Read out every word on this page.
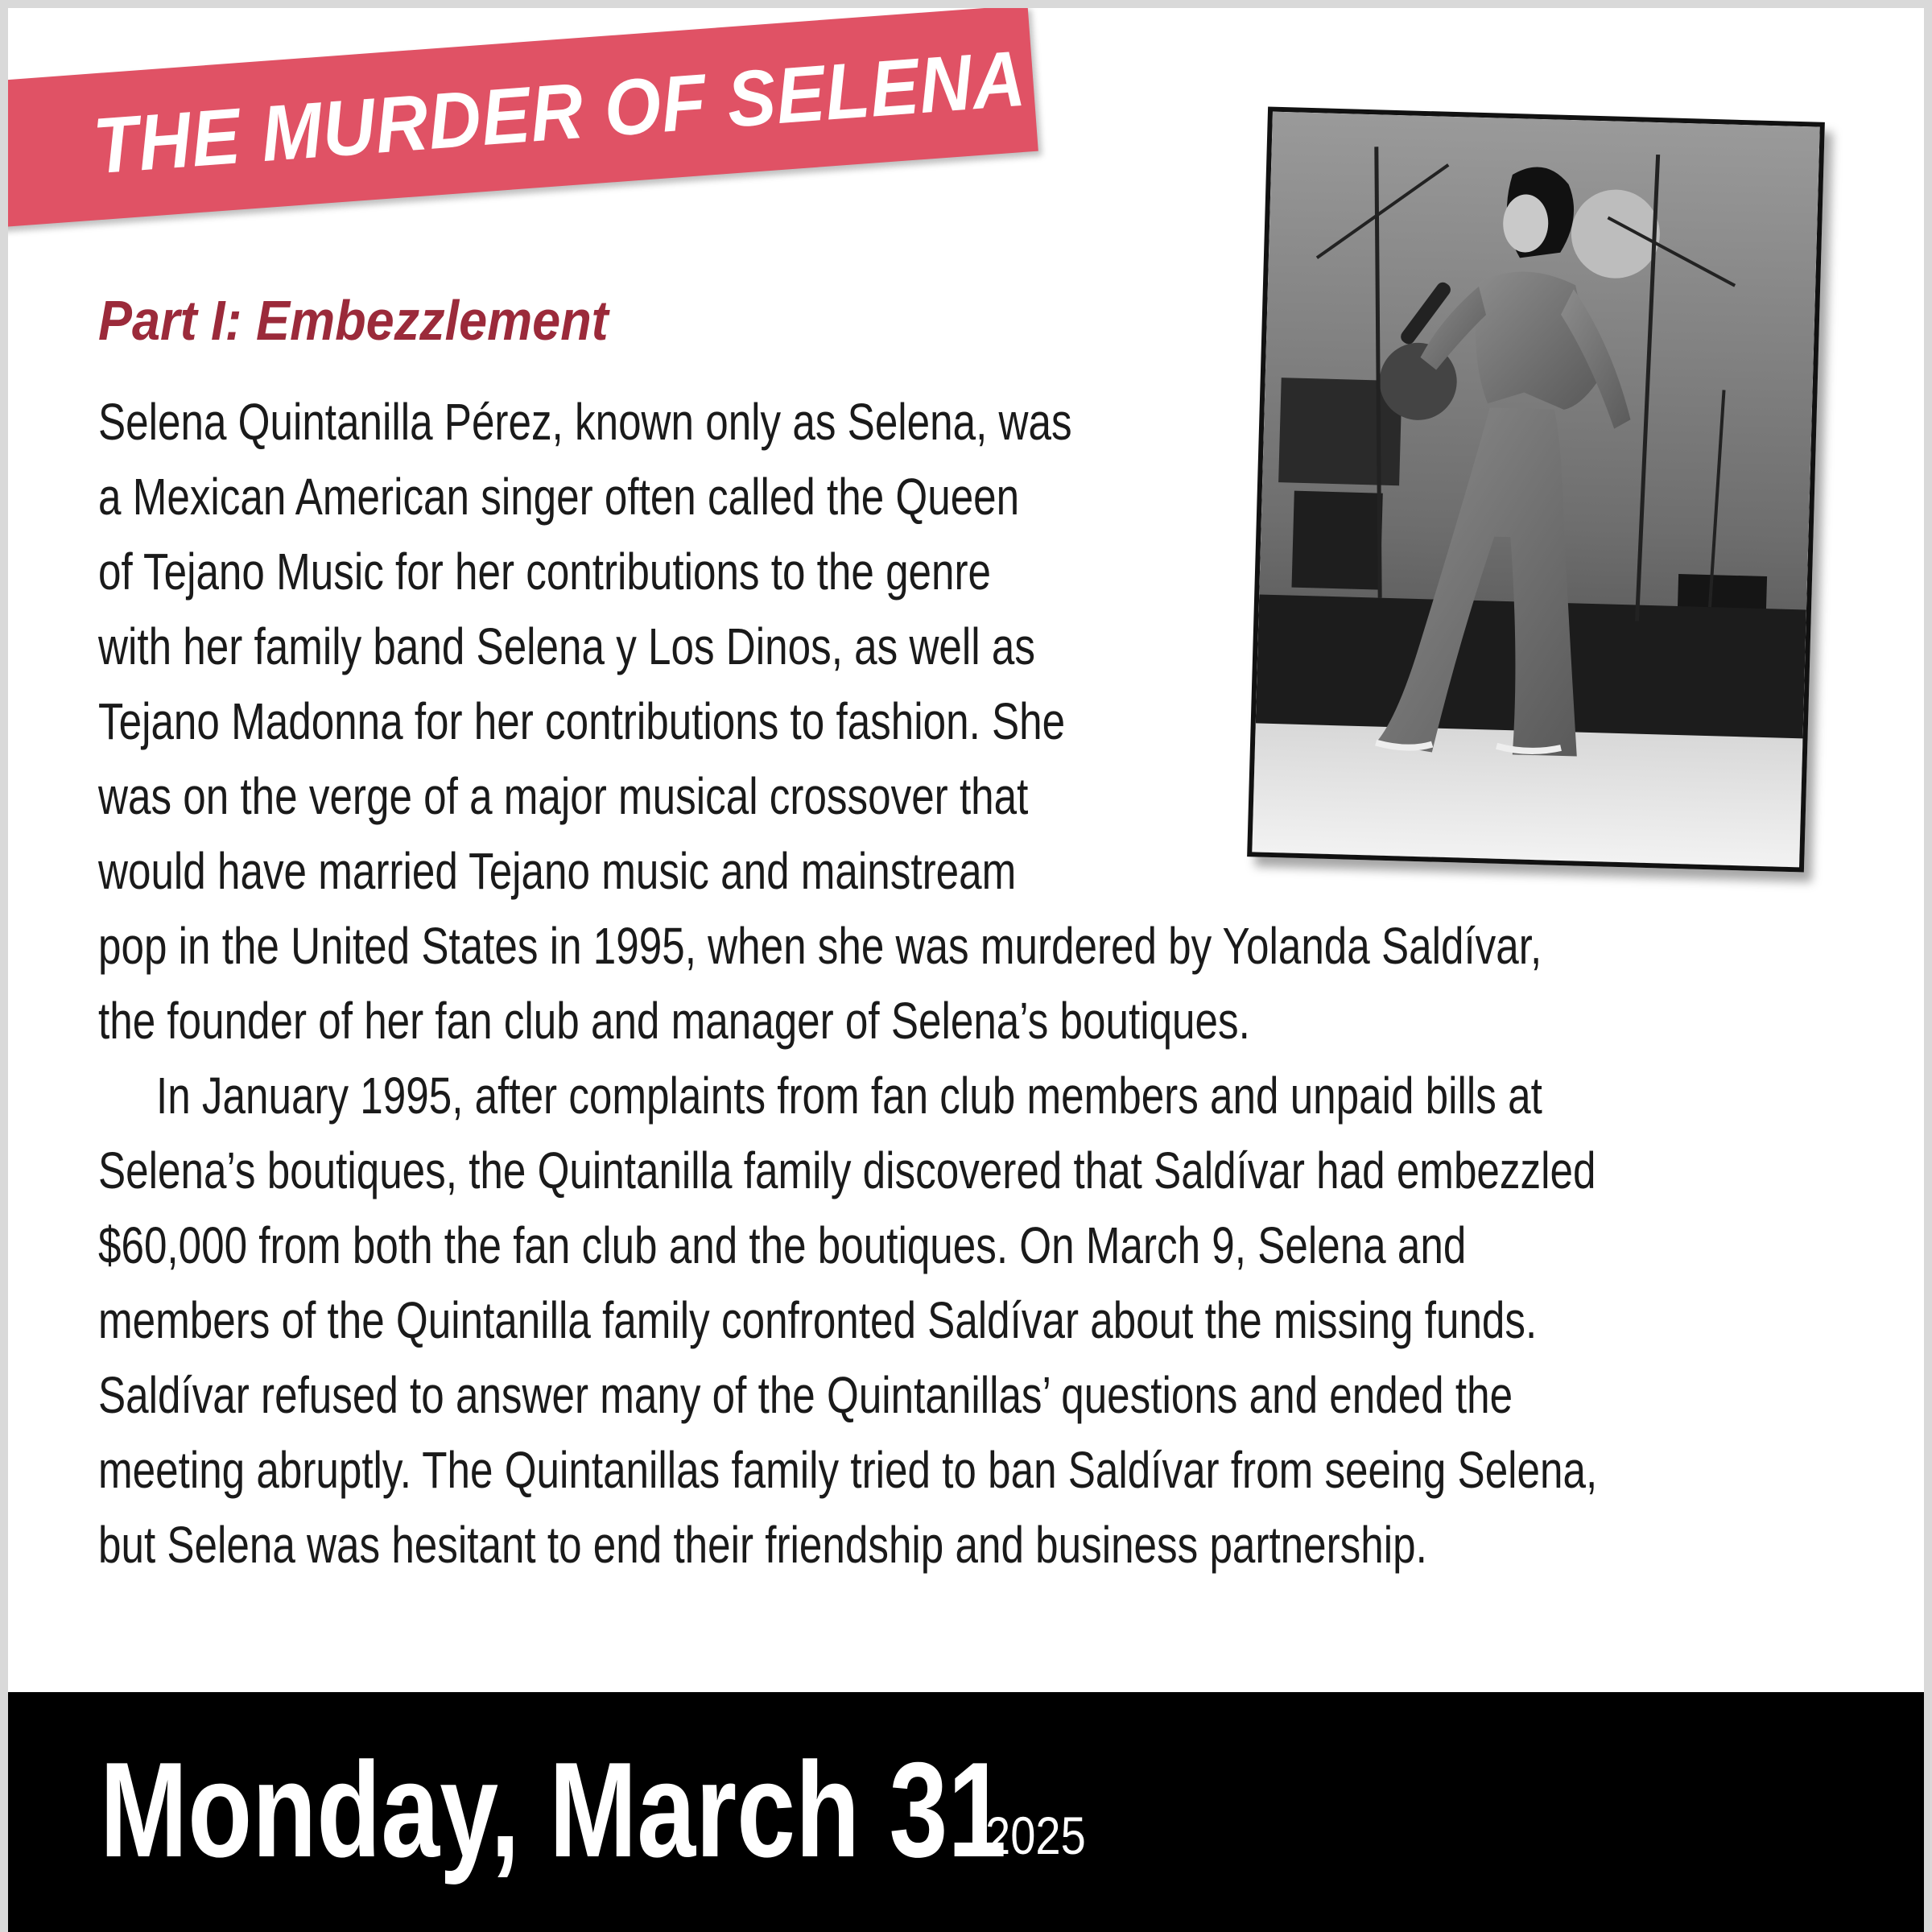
THE MURDER OF SELENA
Part I: Embezzlement
Selena Quintanilla Pérez, known only as Selena, was
a Mexican American singer often called the Queen
of Tejano Music for her contributions to the genre
with her family band Selena y Los Dinos, as well as
Tejano Madonna for her contributions to fashion. She
was on the verge of a major musical crossover that
would have married Tejano music and mainstream
pop in the United States in 1995, when she was murdered by Yolanda Saldívar,
the founder of her fan club and manager of Selena’s boutiques.
In January 1995, after complaints from fan club members and unpaid bills at
Selena’s boutiques, the Quintanilla family discovered that Saldívar had embezzled
$60,000 from both the fan club and the boutiques. On March 9, Selena and
members of the Quintanilla family confronted Saldívar about the missing funds.
Saldívar refused to answer many of the Quintanillas’ questions and ended the
meeting abruptly. The Quintanillas family tried to ban Saldívar from seeing Selena,
but Selena was hesitant to end their friendship and business partnership.
Monday, March 31
2025
